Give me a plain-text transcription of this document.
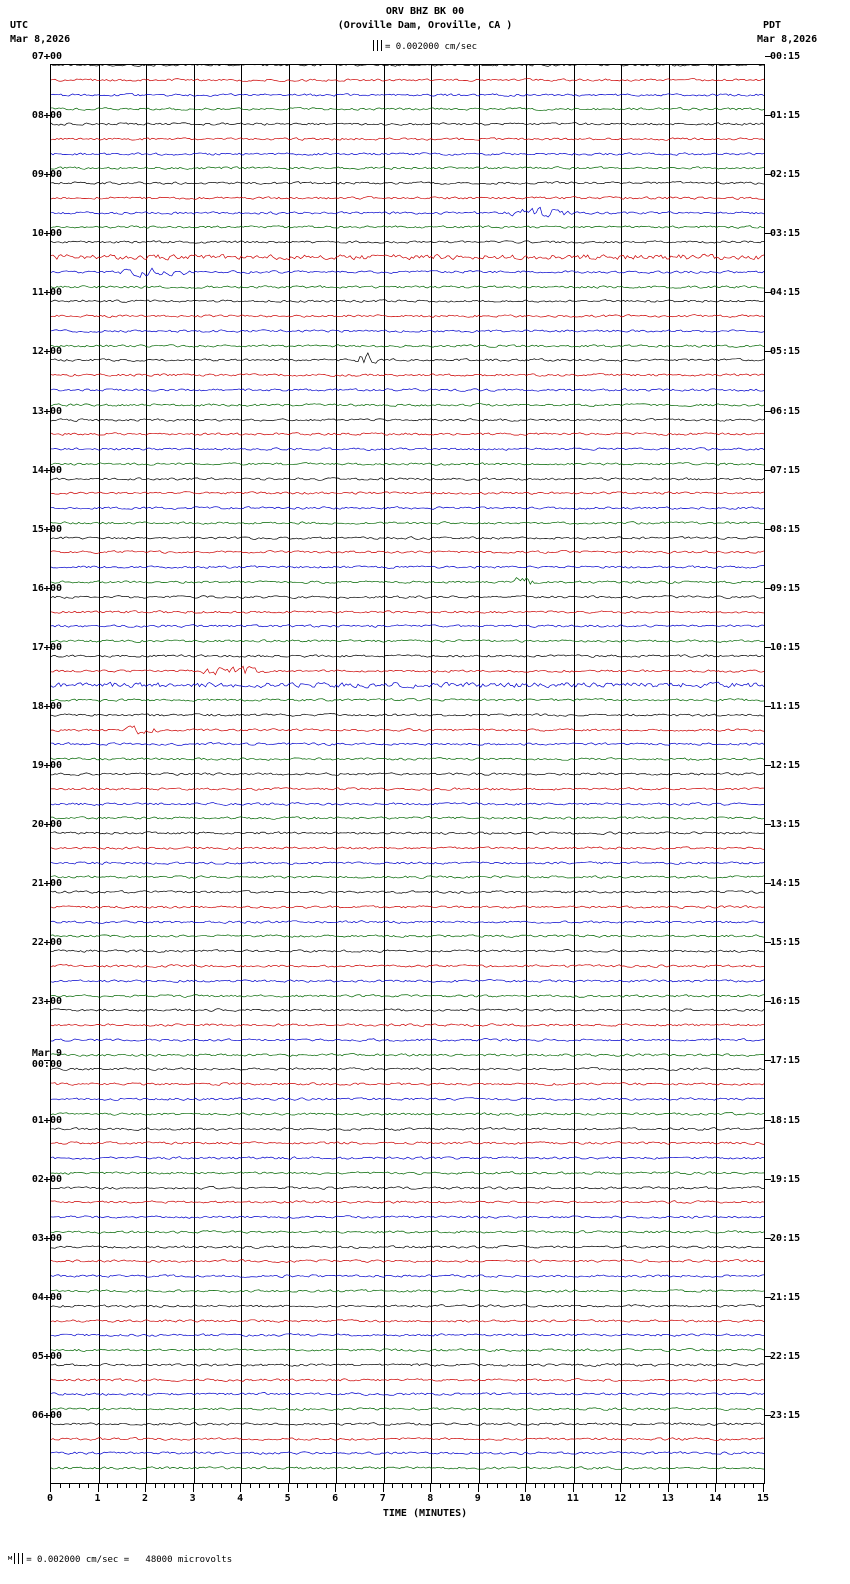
ORV BHZ BK 00
(Oroville Dam, Oroville, CA )
UTC
Mar 8,2026
PDT
Mar 8,2026
= 0.002000 cm/sec
0	1	2	3	4	5	6	7	8	9	10	11	12	13	14	15
TIME (MINUTES)
$^м$ = 0.002000 cm/sec =   48000 microvolts
07:00
08:00
09:00
10:00
11:00
12:00
13:00
14:00
15:00
16:00
17:00
18:00
19:00
20:00
21:00
22:00
23:00
Mar 9
00:00
01:00
02:00
03:00
04:00
05:00
06:00
00:15
01:15
02:15
03:15
04:15
05:15
06:15
07:15
08:15
09:15
10:15
11:15
12:15
13:15
14:15
15:15
16:15
17:15
18:15
19:15
20:15
21:15
22:15
23:15
